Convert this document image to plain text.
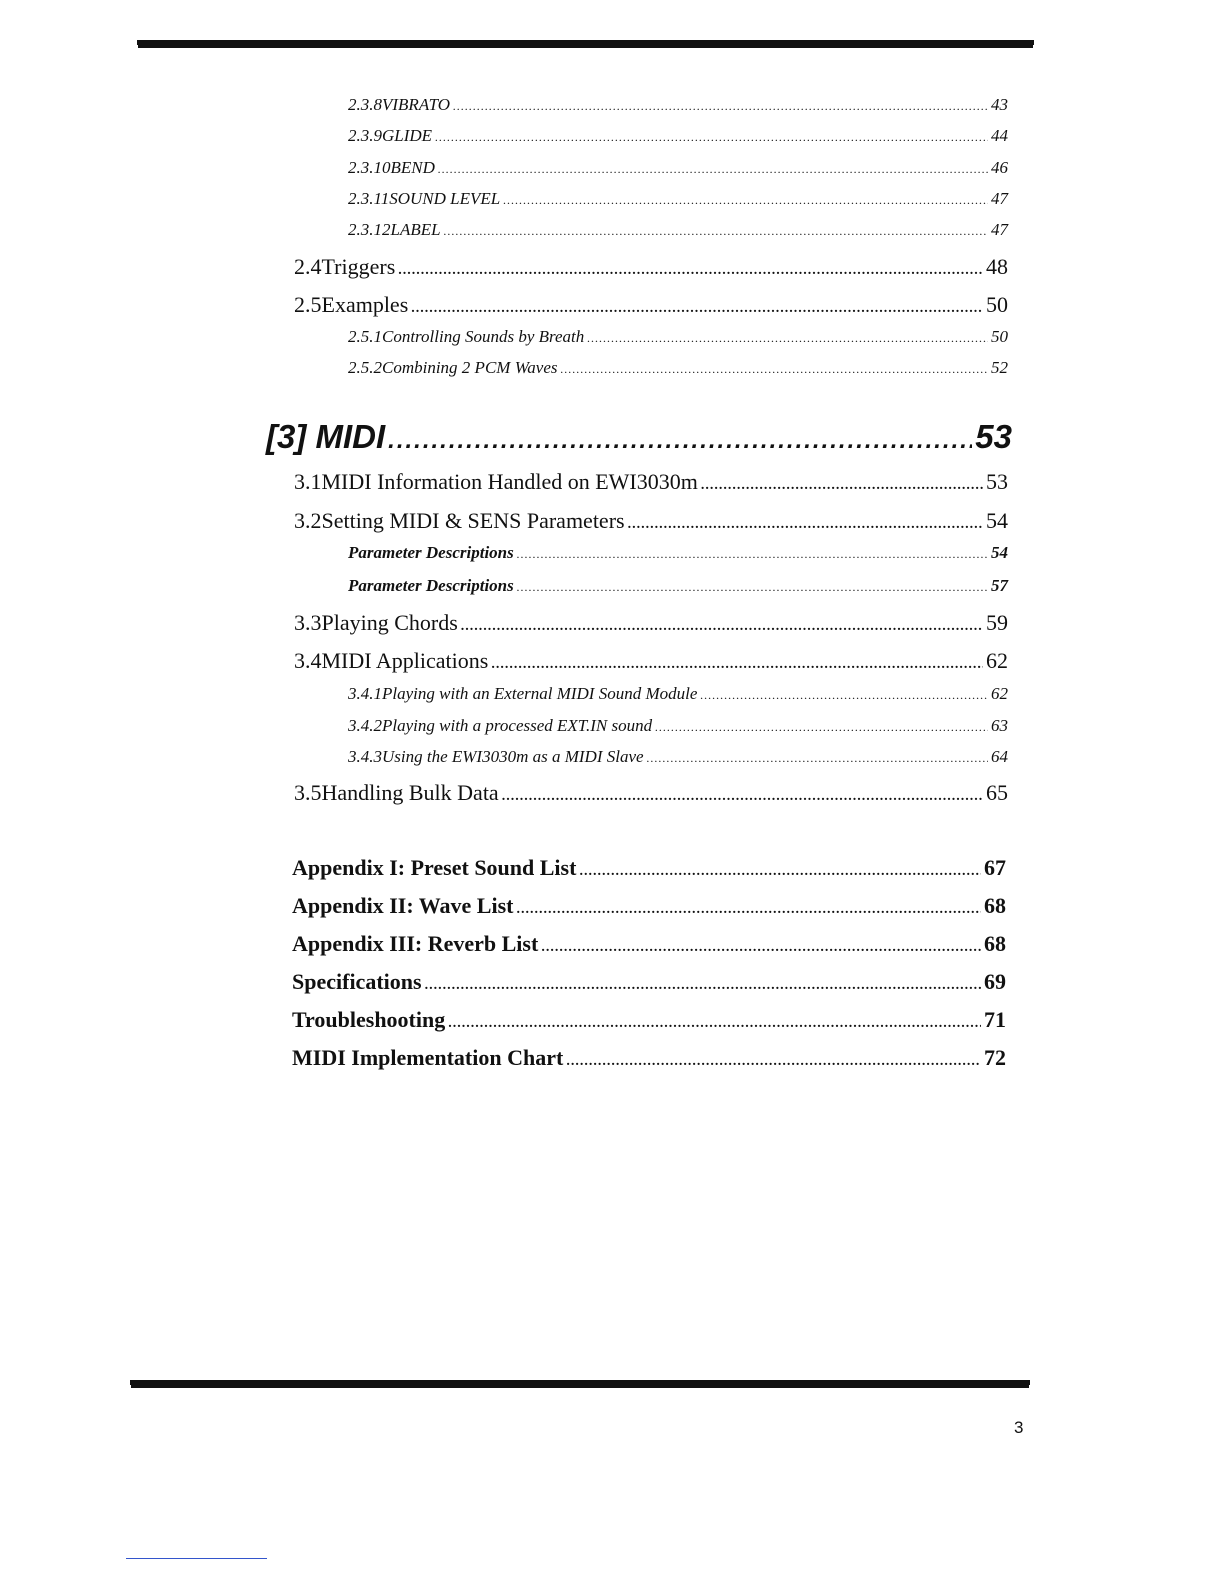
2.3.8 VIBRATO .....	43
2.3.9 GLIDE .....	44
2.3.10 BEND .....	46
2.3.11 SOUND LEVEL .....	47
2.3.12 LABEL .....	47
2.4 Triggers .....	48
2.5 Examples .....	50
2.5.1 Controlling Sounds by Breath .....	50
2.5.2 Combining 2 PCM Waves .....	52
[3] MIDI .....	53
3.1 MIDI Information Handled on EWI3030m .....	53
3.2 Setting MIDI & SENS Parameters .....	54
Parameter Descriptions .....	54
Parameter Descriptions .....	57
3.3 Playing Chords .....	59
3.4 MIDI Applications .....	62
3.4.1 Playing with an External MIDI Sound Module .....	62
3.4.2 Playing with a processed EXT.IN sound .....	63
3.4.3 Using the EWI3030m as a MIDI Slave .....	64
3.5 Handling Bulk Data .....	65
Appendix I: Preset Sound List .....	67
Appendix II: Wave List .....	68
Appendix III: Reverb List .....	68
Specifications .....	69
Troubleshooting .....	71
MIDI Implementation Chart .....	72
3
